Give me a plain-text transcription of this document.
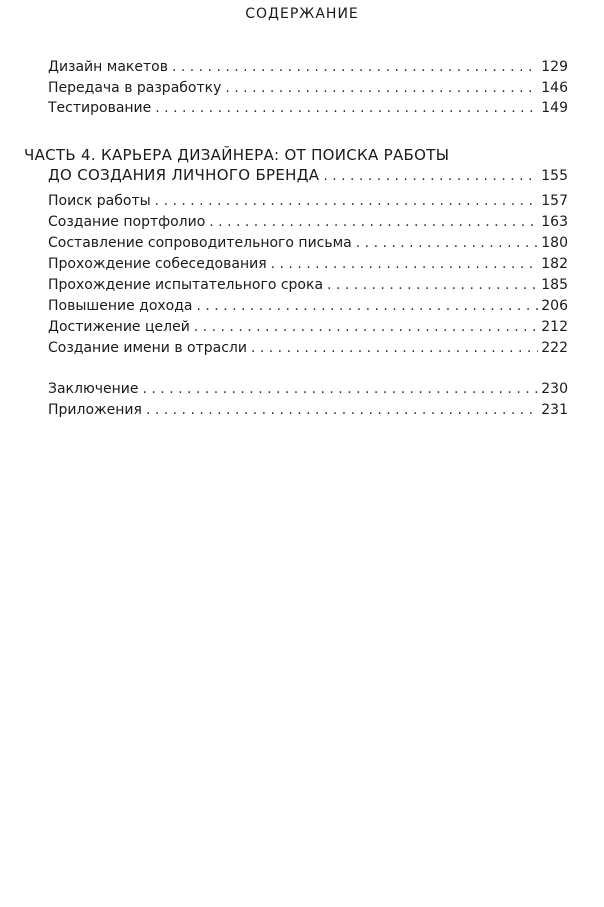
СОДЕРЖАНИЕ
Дизайн макетов . . .	129
Передача в разработку . . .	146
Тестирование . . .	149
ЧАСТЬ 4. КАРЬЕРА ДИЗАЙНЕРА: ОТ ПОИСКА РАБОТЫ
ДО СОЗДАНИЯ ЛИЧНОГО БРЕНДА . . .	155
Поиск работы . . .	157
Создание портфолио . . .	163
Составление сопроводительного письма . . .	180
Прохождение собеседования . . .	182
Прохождение испытательного срока . . .	185
Повышение дохода . . .	206
Достижение целей . . .	212
Создание имени в отрасли . . .	222
Заключение . . .	230
Приложения . . .	231
